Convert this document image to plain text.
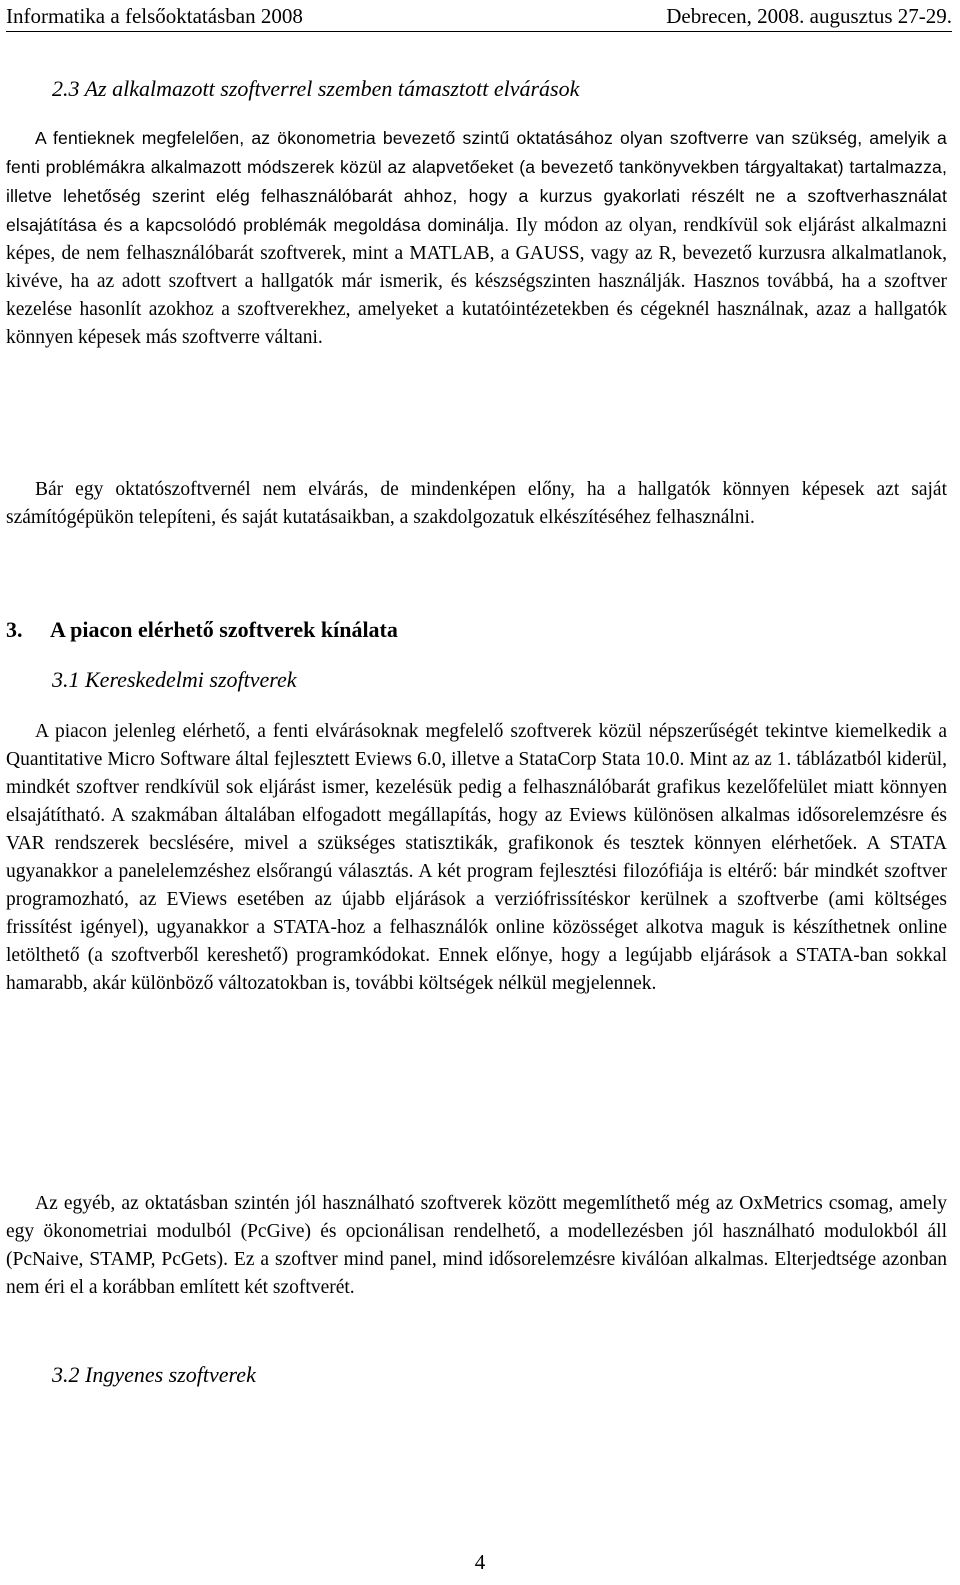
Informatika a felsőoktatásban 2008	Debrecen, 2008. augusztus 27-29.
2.3 Az alkalmazott szoftverrel szemben támasztott elvárások

A fentieknek megfelelően, az ökonometria bevezető szintű oktatásához olyan szoftverre van szükség, amelyik a fenti problémákra alkalmazott módszerek közül az alapvetőeket (a bevezető tankönyvekben tárgyaltakat) tartalmazza, illetve lehetőség szerint elég felhasználóbarát ahhoz, hogy a kurzus gyakorlati részélt ne a szoftverhasználat elsajátítása és a kapcsolódó problémák megoldása dominálja. Ily módon az olyan, rendkívül sok eljárást alkalmazni képes, de nem felhasználóbarát szoftverek, mint a MATLAB, a GAUSS, vagy az R, bevezető kurzusra alkalmatlanok, kivéve, ha az adott szoftvert a hallgatók már ismerik, és készségszinten használják. Hasznos továbbá, ha a szoftver kezelése hasonlít azokhoz a szoftverekhez, amelyeket a kutatóintézetekben és cégeknél használnak, azaz a hallgatók könnyen képesek más szoftverre váltani.

Bár egy oktatószoftvernél nem elvárás, de mindenképen előny, ha a hallgatók könnyen képesek azt saját számítógépükön telepíteni, és saját kutatásaikban, a szakdolgozatuk elkészítéséhez felhasználni.

3. A piacon elérhető szoftverek kínálata
3.1 Kereskedelmi szoftverek

A piacon jelenleg elérhető, a fenti elvárásoknak megfelelő szoftverek közül népszerűségét tekintve kiemelkedik a Quantitative Micro Software által fejlesztett Eviews 6.0, illetve a StataCorp Stata 10.0. Mint az az 1. táblázatból kiderül, mindkét szoftver rendkívül sok eljárást ismer, kezelésük pedig a felhasználóbarát grafikus kezelőfelület miatt könnyen elsajátítható. A szakmában általában elfogadott megállapítás, hogy az Eviews különösen alkalmas idősorelemzésre és VAR rendszerek becslésére, mivel a szükséges statisztikák, grafikonok és tesztek könnyen elérhetőek. A STATA ugyanakkor a panelelemzéshez elsőrangú választás. A két program fejlesztési filozófiája is eltérő: bár mindkét szoftver programozható, az EViews esetében az újabb eljárások a verziófrissítéskor kerülnek a szoftverbe (ami költséges frissítést igényel), ugyanakkor a STATA-hoz a felhasználók online közösséget alkotva maguk is készíthetnek online letölthető (a szoftverből kereshető) programkódokat. Ennek előnye, hogy a legújabb eljárások a STATA-ban sokkal hamarabb, akár különböző változatokban is, további költségek nélkül megjelennek.

Az egyéb, az oktatásban szintén jól használható szoftverek között megemlíthető még az OxMetrics csomag, amely egy ökonometriai modulból (PcGive) és opcionálisan rendelhető, a modellezésben jól használható modulokból áll (PcNaive, STAMP, PcGets). Ez a szoftver mind panel, mind idősorelemzésre kiválóan alkalmas. Elterjedtsége azonban nem éri el a korábban említett két szoftverét.

3.2 Ingyenes szoftverek
4
